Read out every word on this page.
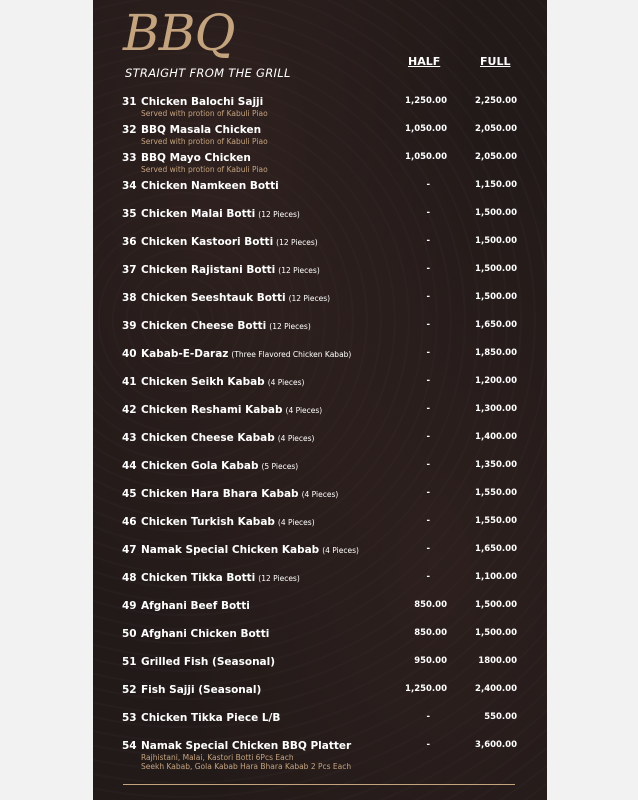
BBQ
STRAIGHT FROM THE GRILL
HALF	FULL
31 Chicken Balochi Sajji
Served with protion of Kabuli Piao
1,250.00	2,250.00
32 BBQ Masala Chicken
Served with protion of Kabuli Piao
1,050.00	2,050.00
33 BBQ Mayo Chicken
Served with protion of Kabuli Piao
1,050.00	2,050.00
34 Chicken Namkeen Botti	-	1,150.00
35 Chicken Malai Botti (12 Pieces)	-	1,500.00
36 Chicken Kastoori Botti (12 Pieces)	-	1,500.00
37 Chicken Rajistani Botti (12 Pieces)	-	1,500.00
38 Chicken Seeshtauk Botti (12 Pieces)	-	1,500.00
39 Chicken Cheese Botti (12 Pieces)	-	1,650.00
40 Kabab-E-Daraz (Three Flavored Chicken Kabab)	-	1,850.00
41 Chicken Seikh Kabab (4 Pieces)	-	1,200.00
42 Chicken Reshami Kabab (4 Pieces)	-	1,300.00
43 Chicken Cheese Kabab (4 Pieces)	-	1,400.00
44 Chicken Gola Kabab (5 Pieces)	-	1,350.00
45 Chicken Hara Bhara Kabab (4 Pieces)	-	1,550.00
46 Chicken Turkish Kabab (4 Pieces)	-	1,550.00
47 Namak Special Chicken Kabab (4 Pieces)	-	1,650.00
48 Chicken Tikka Botti (12 Pieces)	-	1,100.00
49 Afghani Beef Botti	850.00	1,500.00
50 Afghani Chicken Botti	850.00	1,500.00
51 Grilled Fish (Seasonal)	950.00	1800.00
52 Fish Sajji (Seasonal)	1,250.00	2,400.00
53 Chicken Tikka Piece L/B	-	550.00
54 Namak Special Chicken BBQ Platter
Rajhistani, Malai, Kastori Botti 6Pcs Each
Seekh Kabab, Gola Kabab Hara Bhara Kabab 2 Pcs Each
-	3,600.00
